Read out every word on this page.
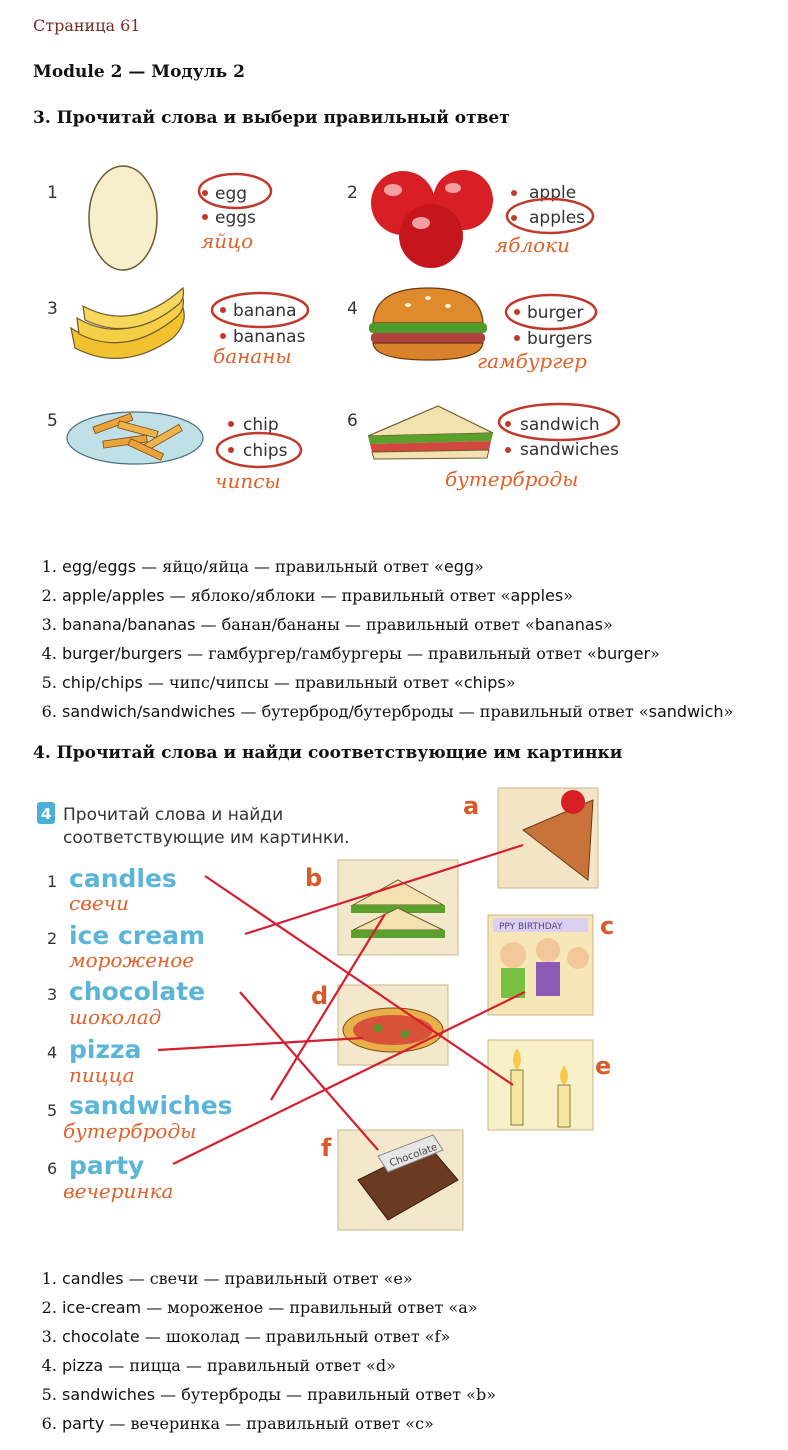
Страница 61
Module 2 — Модуль 2
3. Прочитай слова и выбери правильный ответ
1	egg
eggs
яйцо
2	apple
apples
яблоки
3	banana
bananas
бананы
4	burger
burgers
гамбургер
5	chip
chips
чипсы
6	sandwich
sandwiches
бутерброды
1. egg/eggs — яйцо/яйца — правильный ответ «egg»
2. apple/apples — яблоко/яблоки — правильный ответ «apples»
3. banana/bananas — банан/бананы — правильный ответ «bananas»
4. burger/burgers — гамбургер/гамбургеры — правильный ответ «burger»
5. chip/chips — чипс/чипсы — правильный ответ «chips»
6. sandwich/sandwiches — бутерброд/бутерброды — правильный ответ «sandwich»
4. Прочитай слова и найди соответствующие им картинки
4 Прочитай слова и найди
соответствующие им картинки.
1 candles
свечи
2 ice cream
мороженое
3 chocolate
шоколад
4 pizza
пицца
5 sandwiches
бутерброды
6 party
вечеринка
a
b
PPY BIRTHDAY c
d
e
Chocolate
f
1. candles — свечи — правильный ответ «e»
2. ice-cream — мороженое — правильный ответ «a»
3. chocolate — шоколад — правильный ответ «f»
4. pizza — пицца — правильный ответ «d»
5. sandwiches — бутерброды — правильный ответ «b»
6. party — вечеринка — правильный ответ «c»
